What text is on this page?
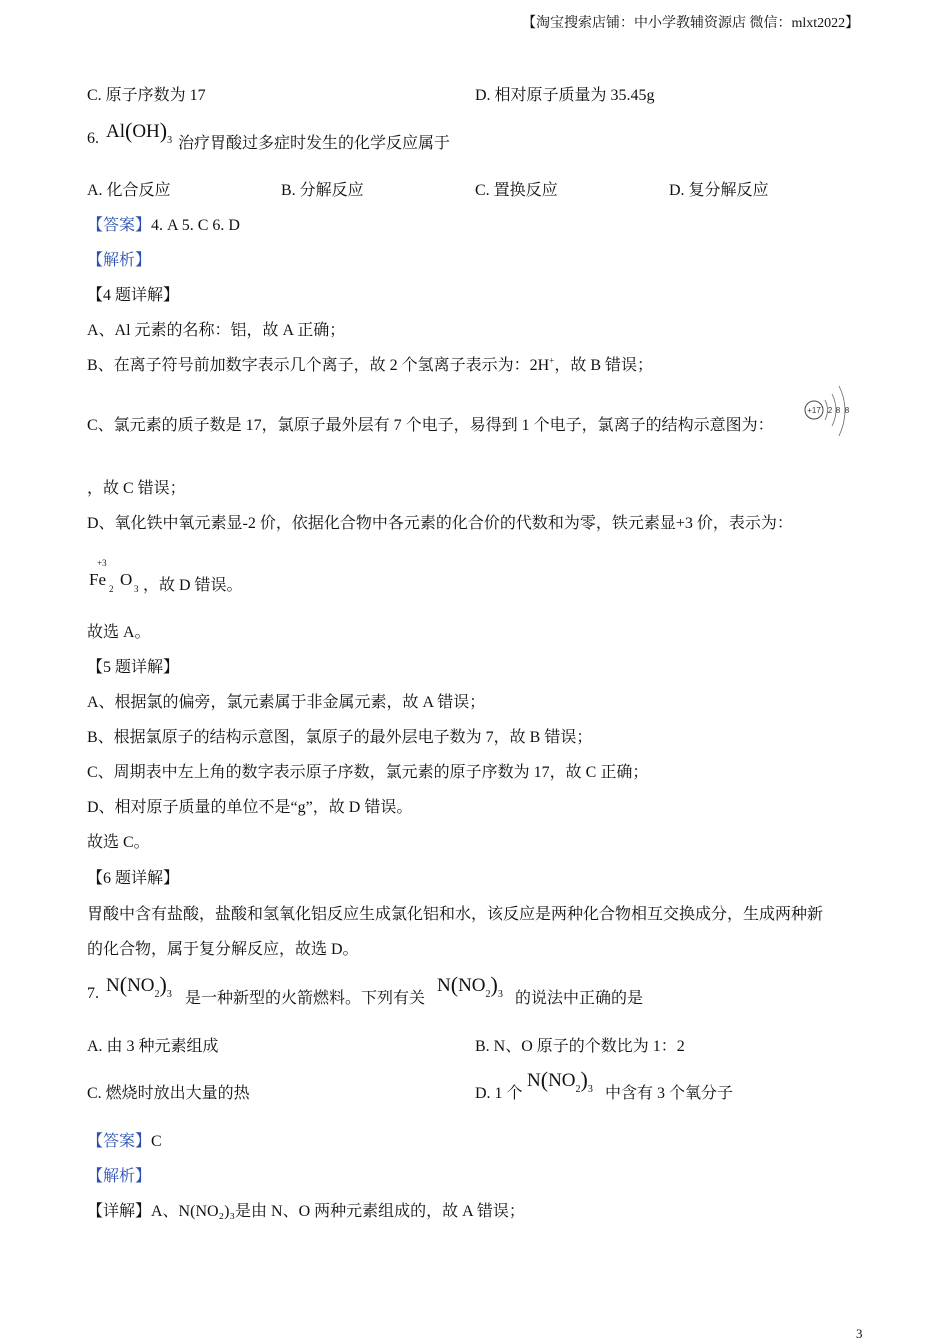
【淘宝搜索店铺：中小学教辅资源店 微信：mlxt2022】
C. 原子序数为 17	D. 相对原子质量为 35.45g
6. $Al(OH)_3$ 治疗胃酸过多症时发生的化学反应属于
A. 化合反应	B. 分解反应	C. 置换反应	D. 复分解反应
【答案】4. A 5. C 6. D
【解析】
【4 题详解】
A、Al 元素的名称：铝，故 A 正确；
B、在离子符号前加数字表示几个离子，故 2 个氢离子表示为：2H+，故 B 错误；
C、氯元素的质子数是 17，氯原子最外层有 7 个电子，易得到 1 个电子，氯离子的结构示意图为：
+17 2 8 8
，故 C 错误；
D、氧化铁中氧元素显-2 价，依据化合物中各元素的化合价的代数和为零，铁元素显+3 价，表示为：
+3
Fe 2 O 3 ，故 D 错误。
故选 A。
【5 题详解】
A、根据氯的偏旁，氯元素属于非金属元素，故 A 错误；
B、根据氯原子的结构示意图，氯原子的最外层电子数为 7，故 B 错误；
C、周期表中左上角的数字表示原子序数，氯元素的原子序数为 17，故 C 正确；
D、相对原子质量的单位不是“g”，故 D 错误。
故选 C。
【6 题详解】
胃酸中含有盐酸，盐酸和氢氧化铝反应生成氯化铝和水，该反应是两种化合物相互交换成分，生成两种新
的化合物，属于复分解反应，故选 D。
7. $N(NO_2)_3$ 是一种新型的火箭燃料。下列有关
$N(NO_2)_3$ 的说法中正确的是
A. 由 3 种元素组成	B. N、O 原子的个数比为 1：2
C. 燃烧时放出大量的热	D. 1 个
$N(NO_2)_3$ 中含有 3 个氧分子
【答案】C
【解析】
【详解】A、N(NO₂)₃是由 N、O 两种元素组成的，故 A 错误；
3
